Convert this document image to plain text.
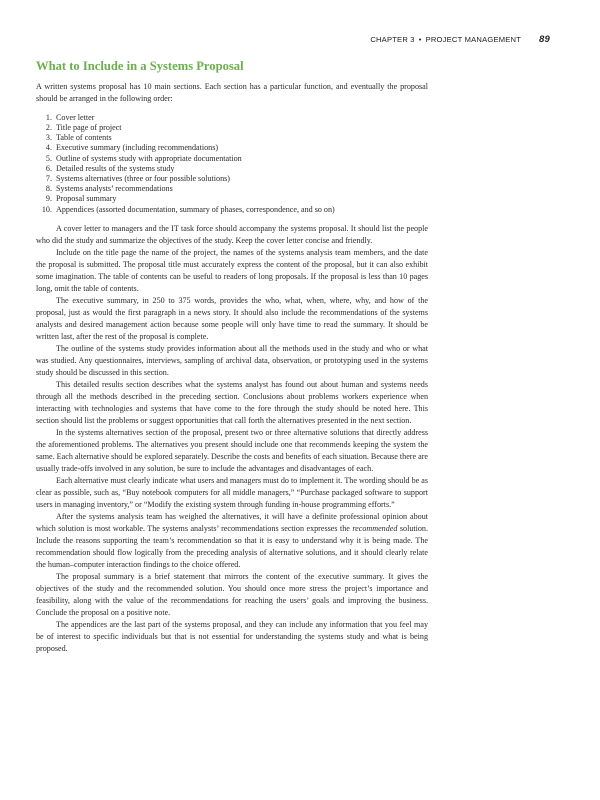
CHAPTER 3 • PROJECT MANAGEMENT 89
What to Include in a Systems Proposal

A written systems proposal has 10 main sections. Each section has a particular function, and eventually the proposal should be arranged in the following order:

1. Cover letter
2. Title page of project
3. Table of contents
4. Executive summary (including recommendations)
5. Outline of systems study with appropriate documentation
6. Detailed results of the systems study
7. Systems alternatives (three or four possible solutions)
8. Systems analysts’ recommendations
9. Proposal summary
10. Appendices (assorted documentation, summary of phases, correspondence, and so on)

A cover letter to managers and the IT task force should accompany the systems proposal. It should list the people who did the study and summarize the objectives of the study. Keep the cover letter concise and friendly.

Include on the title page the name of the project, the names of the systems analysis team members, and the date the proposal is submitted. The proposal title must accurately express the content of the proposal, but it can also exhibit some imagination. The table of contents can be useful to readers of long proposals. If the proposal is less than 10 pages long, omit the table of contents.

The executive summary, in 250 to 375 words, provides the who, what, when, where, why, and how of the proposal, just as would the first paragraph in a news story. It should also include the recommendations of the systems analysts and desired management action because some people will only have time to read the summary. It should be written last, after the rest of the proposal is complete.

The outline of the systems study provides information about all the methods used in the study and who or what was studied. Any questionnaires, interviews, sampling of archival data, observation, or prototyping used in the systems study should be discussed in this section.

This detailed results section describes what the systems analyst has found out about human and systems needs through all the methods described in the preceding section. Conclusions about problems workers experience when interacting with technologies and systems that have come to the fore through the study should be noted here. This section should list the problems or suggest opportunities that call forth the alternatives presented in the next section.

In the systems alternatives section of the proposal, present two or three alternative solutions that directly address the aforementioned problems. The alternatives you present should include one that recommends keeping the system the same. Each alternative should be explored separately. Describe the costs and benefits of each situation. Because there are usually trade-offs involved in any solution, be sure to include the advantages and disadvantages of each.

Each alternative must clearly indicate what users and managers must do to implement it. The wording should be as clear as possible, such as, “Buy notebook computers for all middle managers,” “Purchase packaged software to support users in managing inventory,” or “Modify the existing system through funding in-house programming efforts.”

After the systems analysis team has weighed the alternatives, it will have a definite professional opinion about which solution is most workable. The systems analysts’ recommendations section expresses the recommended solution. Include the reasons supporting the team’s recommendation so that it is easy to understand why it is being made. The recommendation should flow logically from the preceding analysis of alternative solutions, and it should clearly relate the human–computer interaction findings to the choice offered.

The proposal summary is a brief statement that mirrors the content of the executive summary. It gives the objectives of the study and the recommended solution. You should once more stress the project’s importance and feasibility, along with the value of the recommendations for reaching the users’ goals and improving the business. Conclude the proposal on a positive note.

The appendices are the last part of the systems proposal, and they can include any information that you feel may be of interest to specific individuals but that is not essential for understanding the systems study and what is being proposed.
